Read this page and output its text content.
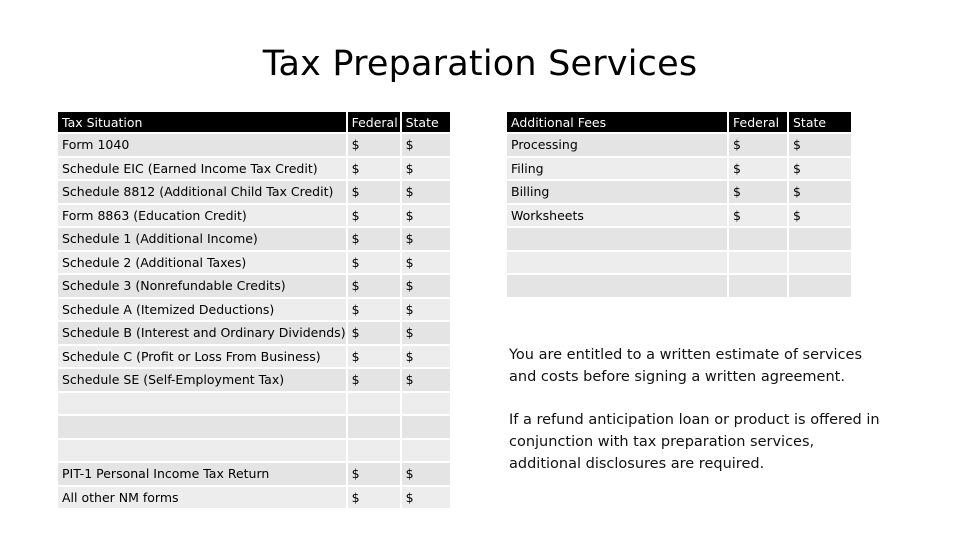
Tax Preparation Services
Tax Situation	Federal	State
Form 1040	$	$
Schedule EIC (Earned Income Tax Credit)	$	$
Schedule 8812 (Additional Child Tax Credit)	$	$
Form 8863 (Education Credit)	$	$
Schedule 1 (Additional Income)	$	$
Schedule 2 (Additional Taxes)	$	$
Schedule 3 (Nonrefundable Credits)	$	$
Schedule A (Itemized Deductions)	$	$
Schedule B (Interest and Ordinary Dividends)	$	$
Schedule C (Profit or Loss From Business)	$	$
Schedule SE (Self-Employment Tax)	$	$

PIT-1 Personal Income Tax Return	$	$
All other NM forms	$	$
Additional Fees	Federal	State
Processing	$	$
Filing	$	$
Billing	$	$
Worksheets	$	$

You are entitled to a written estimate of services and costs before signing a written agreement.
If a refund anticipation loan or product is offered in conjunction with tax preparation services, additional disclosures are required.
